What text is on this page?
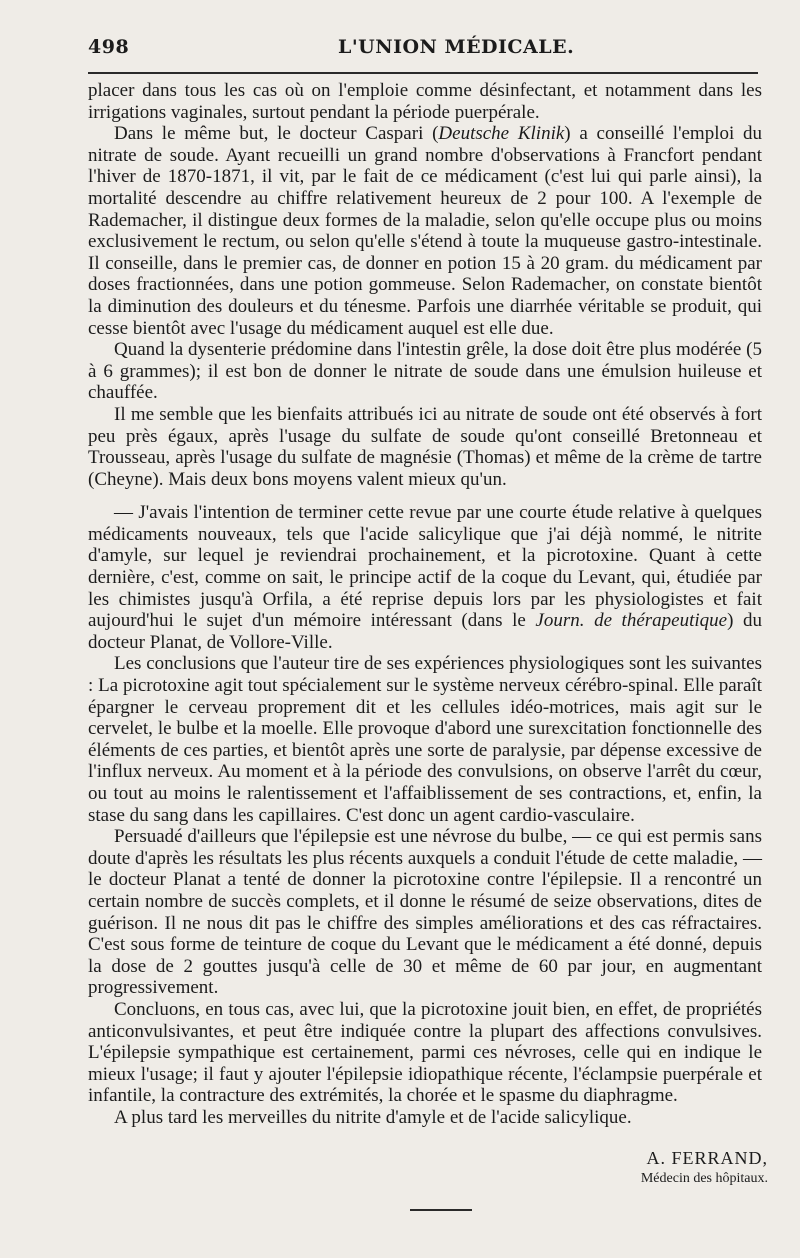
498	L'UNION MÉDICALE.

placer dans tous les cas où on l'emploie comme désinfectant, et notamment dans les irrigations vaginales, surtout pendant la période puerpérale.

Dans le même but, le docteur Caspari (Deutsche Klinik) a conseillé l'emploi du nitrate de soude. Ayant recueilli un grand nombre d'observations à Francfort pendant l'hiver de 1870-1871, il vit, par le fait de ce médicament (c'est lui qui parle ainsi), la mortalité descendre au chiffre relativement heureux de 2 pour 100. A l'exemple de Rademacher, il distingue deux formes de la maladie, selon qu'elle occupe plus ou moins exclusivement le rectum, ou selon qu'elle s'étend à toute la muqueuse gastro-intestinale. Il conseille, dans le premier cas, de donner en potion 15 à 20 gram. du médicament par doses fractionnées, dans une potion gommeuse. Selon Rademacher, on constate bientôt la diminution des douleurs et du ténesme. Parfois une diarrhée véritable se produit, qui cesse bientôt avec l'usage du médicament auquel est elle due.

Quand la dysenterie prédomine dans l'intestin grêle, la dose doit être plus modérée (5 à 6 grammes); il est bon de donner le nitrate de soude dans une émulsion huileuse et chauffée.

Il me semble que les bienfaits attribués ici au nitrate de soude ont été observés à fort peu près égaux, après l'usage du sulfate de soude qu'ont conseillé Bretonneau et Trousseau, après l'usage du sulfate de magnésie (Thomas) et même de la crème de tartre (Cheyne). Mais deux bons moyens valent mieux qu'un.

— J'avais l'intention de terminer cette revue par une courte étude relative à quelques médicaments nouveaux, tels que l'acide salicylique que j'ai déjà nommé, le nitrite d'amyle, sur lequel je reviendrai prochainement, et la picrotoxine. Quant à cette dernière, c'est, comme on sait, le principe actif de la coque du Levant, qui, étudiée par les chimistes jusqu'à Orfila, a été reprise depuis lors par les physiologistes et fait aujourd'hui le sujet d'un mémoire intéressant (dans le Journ. de thérapeutique) du docteur Planat, de Vollore-Ville.

Les conclusions que l'auteur tire de ses expériences physiologiques sont les suivantes : La picrotoxine agit tout spécialement sur le système nerveux cérébro-spinal. Elle paraît épargner le cerveau proprement dit et les cellules idéo-motrices, mais agit sur le cervelet, le bulbe et la moelle. Elle provoque d'abord une surexcitation fonctionnelle des éléments de ces parties, et bientôt après une sorte de paralysie, par dépense excessive de l'influx nerveux. Au moment et à la période des convulsions, on observe l'arrêt du cœur, ou tout au moins le ralentissement et l'affaiblissement de ses contractions, et, enfin, la stase du sang dans les capillaires. C'est donc un agent cardio-vasculaire.

Persuadé d'ailleurs que l'épilepsie est une névrose du bulbe, — ce qui est permis sans doute d'après les résultats les plus récents auxquels a conduit l'étude de cette maladie, — le docteur Planat a tenté de donner la picrotoxine contre l'épilepsie. Il a rencontré un certain nombre de succès complets, et il donne le résumé de seize observations, dites de guérison. Il ne nous dit pas le chiffre des simples améliorations et des cas réfractaires. C'est sous forme de teinture de coque du Levant que le médicament a été donné, depuis la dose de 2 gouttes jusqu'à celle de 30 et même de 60 par jour, en augmentant progressivement.

Concluons, en tous cas, avec lui, que la picrotoxine jouit bien, en effet, de propriétés anticonvulsivantes, et peut être indiquée contre la plupart des affections convulsives. L'épilepsie sympathique est certainement, parmi ces névroses, celle qui en indique le mieux l'usage; il faut y ajouter l'épilepsie idiopathique récente, l'éclampsie puerpérale et infantile, la contracture des extrémités, la chorée et le spasme du diaphragme.

A plus tard les merveilles du nitrite d'amyle et de l'acide salicylique.

A. FERRAND,
Médecin des hôpitaux.
